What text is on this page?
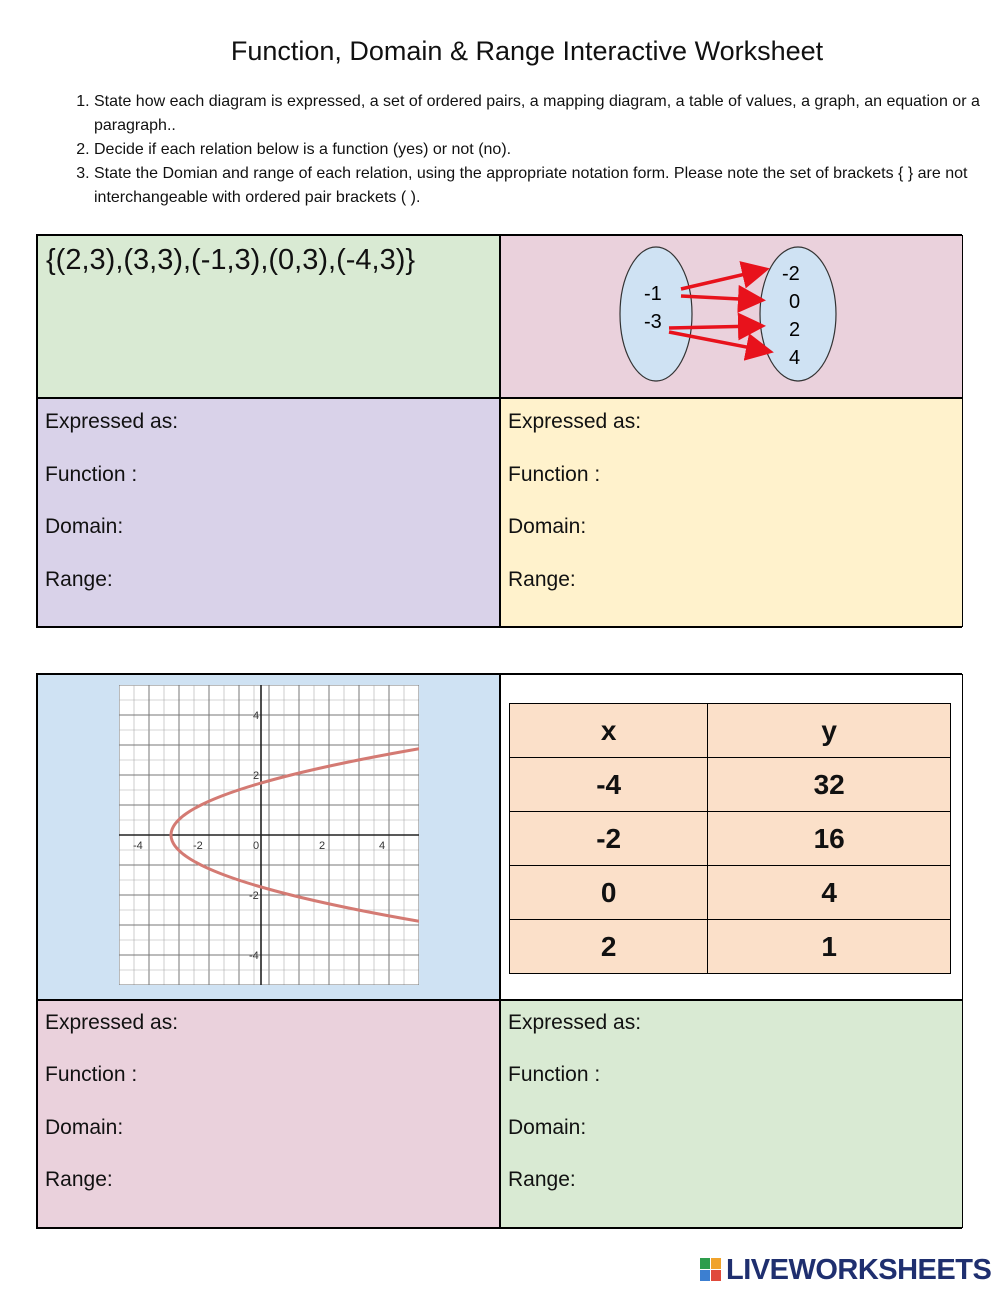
Function, Domain & Range Interactive Worksheet
1. State how each diagram is expressed, a set of ordered pairs, a mapping diagram, a table of values, a graph, an equation or a paragraph..
2. Decide if each relation below is a function (yes) or not (no).
3. State the Domian and range of each relation, using the appropriate notation form. Please note the set of brackets { } are not interchangeable with ordered pair brackets ( ).
{(2,3),(3,3),(-1,3),(0,3),(-4,3)}
-1
-3
-2
0
2
4
Expressed as:
Function :
Domain:
Range:
Expressed as:
Function :
Domain:
Range:
-4	-2	0	2	4
4
2
-2
-4
x	y
-4	32
-2	16
0	4
2	1
Expressed as:
Function :
Domain:
Range:
Expressed as:
Function :
Domain:
Range:
LIVEWORKSHEETS
